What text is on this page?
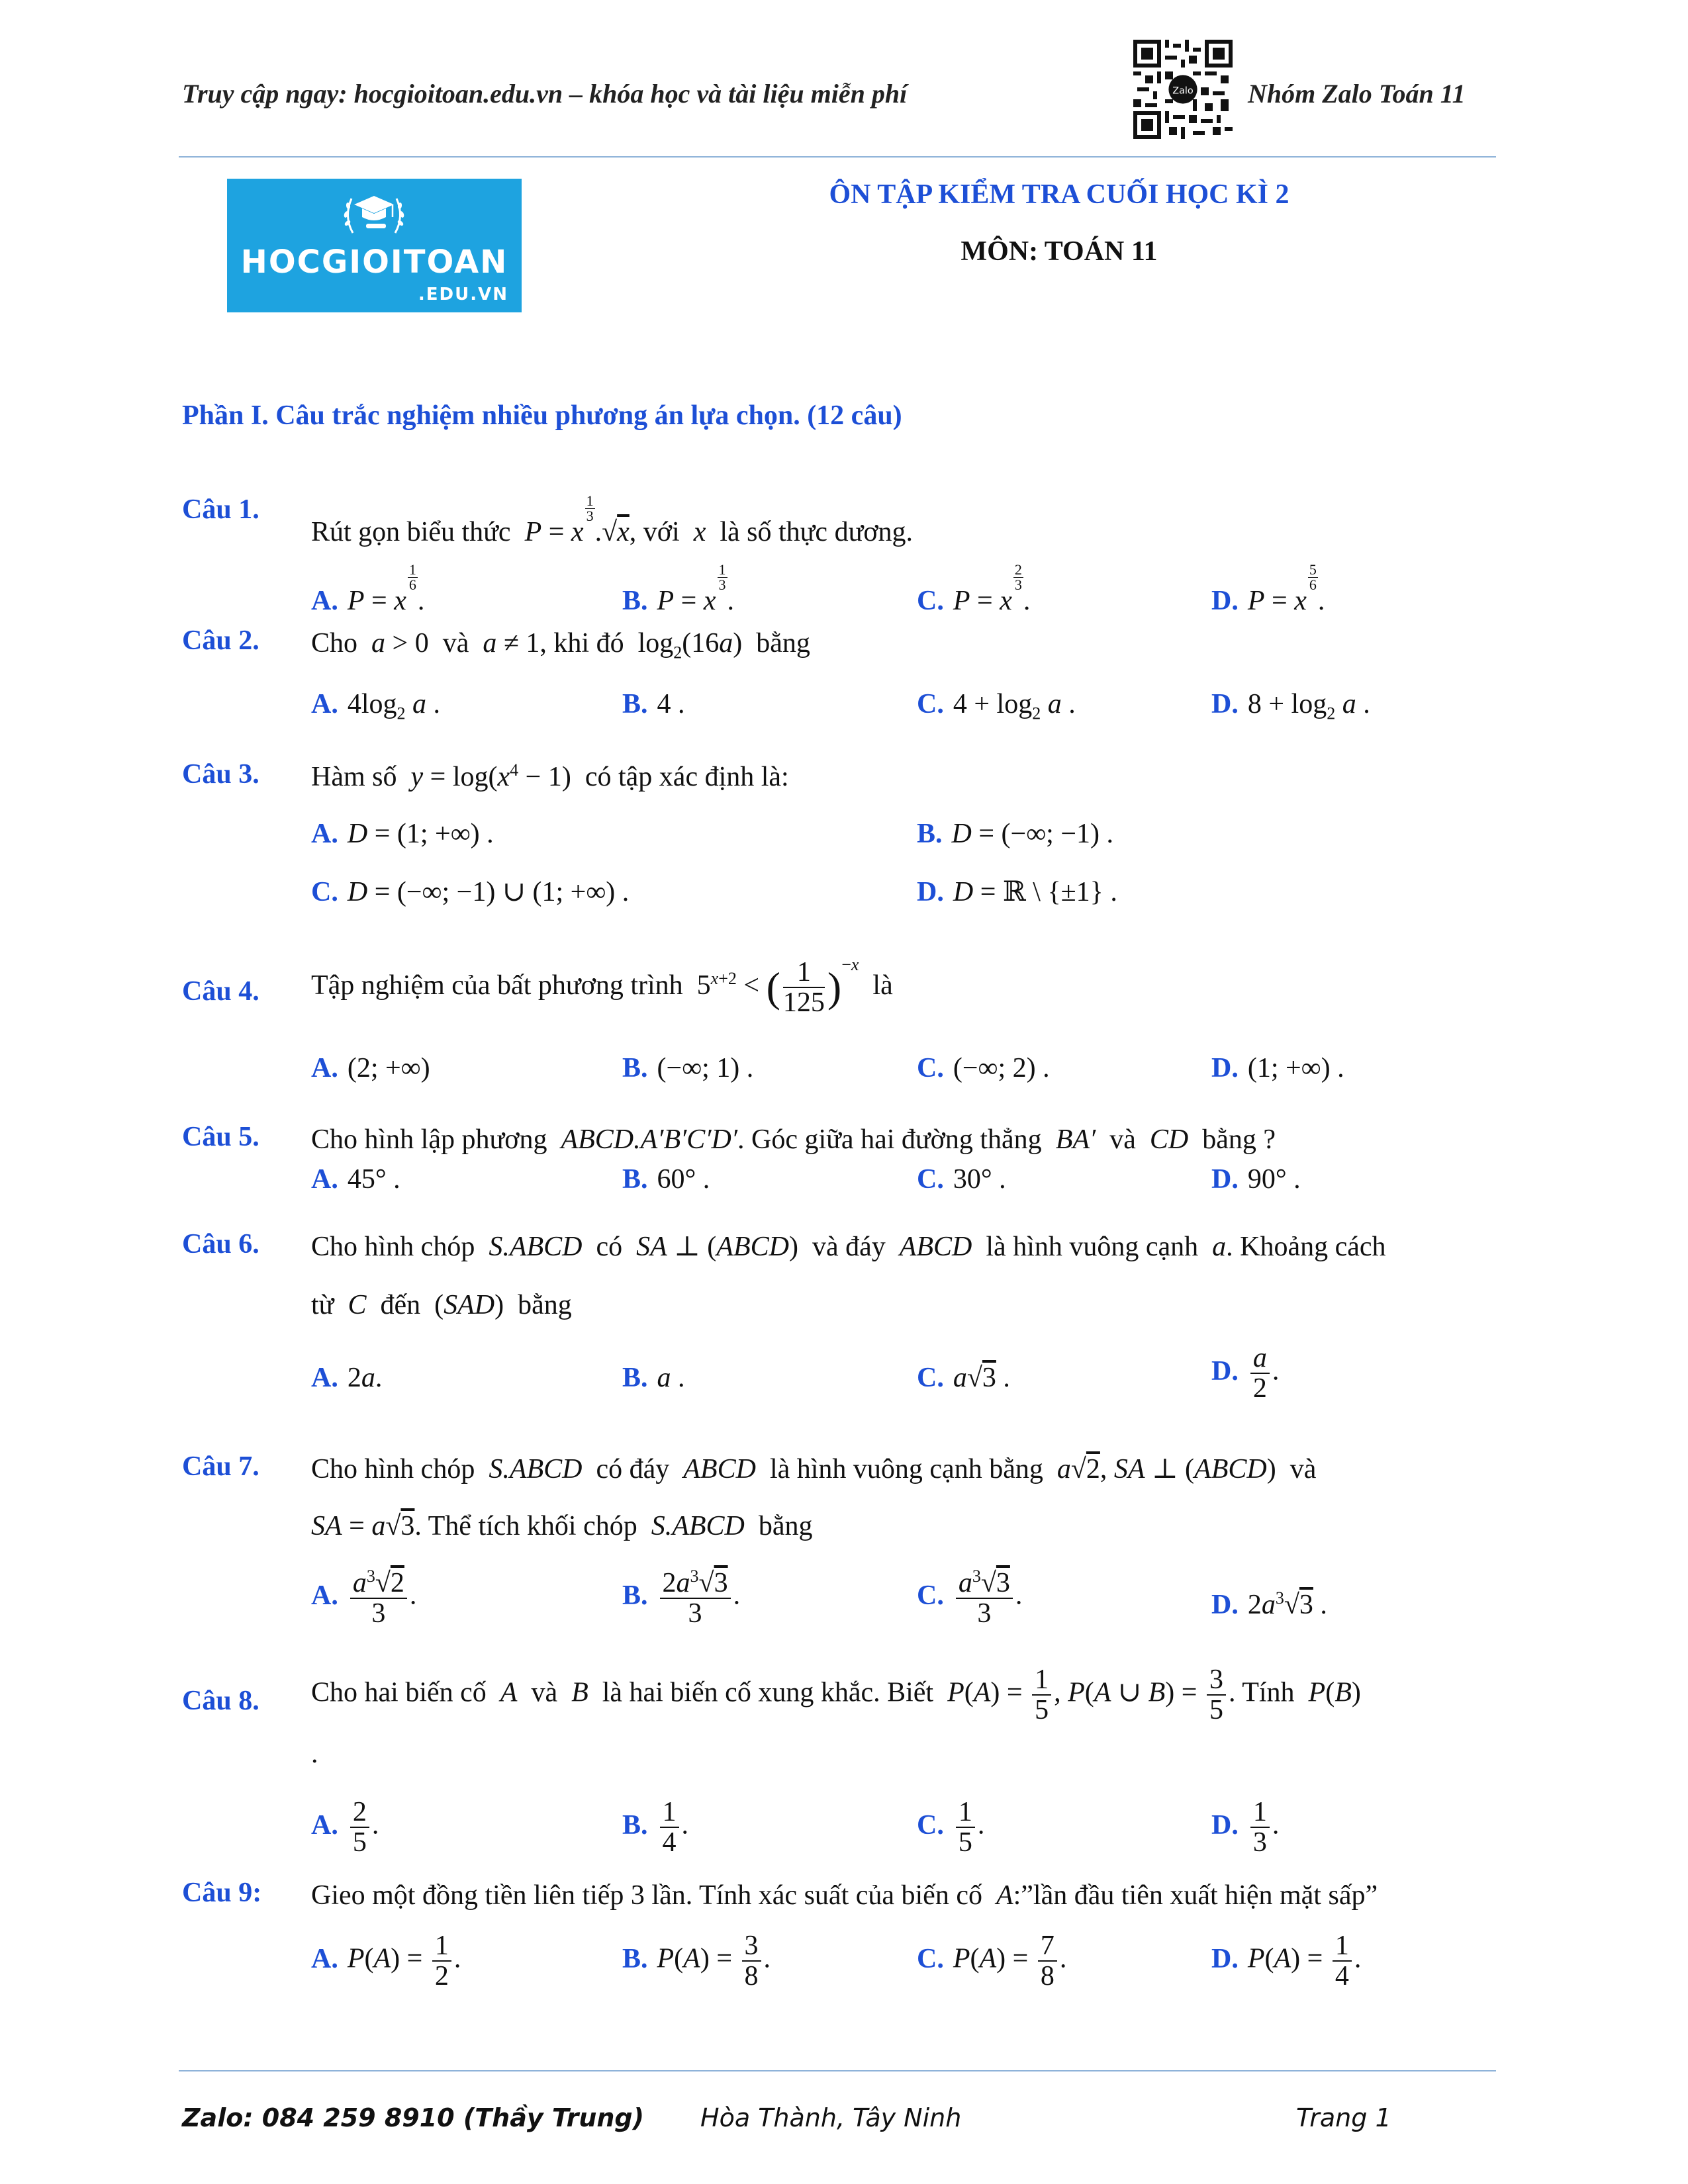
Truy cập ngay: hocgioitoan.edu.vn – khóa học và tài liệu miễn phí	Zalo Nhóm Zalo Toán 11
HOCGIOITOAN
.EDU.VN
ÔN TẬP KIỂM TRA CUỐI HỌC KÌ 2
MÔN: TOÁN 11
Phần I. Câu trắc nghiệm nhiều phương án lựa chọn. (12 câu)
Câu 1.
Rút gọn biểu thức P = x
$\frac{1}{3}$
.√x, với x là số thực dương.
A. P = x
$\frac{1}{6}$
.	B. P = x
$\frac{1}{3}$
.	C. P = x
$\frac{2}{3}$
.	D. P = x
$\frac{5}{6}$
.
Câu 2. Cho a > 0  và a ≠ 1, khi đó  $\log_2(16a)$  bằng
A. $4\log_2$ a .	B. 4 .	C. $4 + \log_2 a$ .	D. $8 + \log_2 a$ .
Câu 3. Hàm số $y = \log(x^4 - 1)$  có tập xác định là:
A. D = (1; +∞) .	B. D = (−∞; −1) .
C. D = (−∞; −1) ∪ (1; +∞) .	D. D = ℝ \ {±1} .
Câu 4. Tập nghiệm của bất phương trình  $5^{x+2}$ < ( $\frac{1}{125} )^{-x}$  là
A. (2; +∞)	B. (−∞; 1) .	C. (−∞; 2) .	D. (1; +∞) .
Câu 5. Cho hình lập phương ABCD.A′B′C′D′. Góc giữa hai đường thẳng BA′ và CD bằng ?
A. 45° .	B. 60° .	C. 30° .	D. 90° .
Câu 6. Cho hình chóp S.ABCD có SA ⊥ (ABCD)  và đáy ABCD là hình vuông cạnh a. Khoảng cách
từ C đến  (SAD)  bằng
A. 2a.	B. a .	C. a√3 .	D. $\frac{a}{2}$ .
Câu 7. Cho hình chóp S.ABCD có đáy ABCD là hình vuông cạnh bằng a√2, SA ⊥ (ABCD)  và
SA = a√3. Thể tích khối chóp S.ABCD bằng
A. $\frac{a^3√2}{3}$ .	B. $\frac{2a^3√3}{3}$ .	C. $\frac{a^3√3}{3}$ .	D. $2a^3√3$ .
Câu 8. Cho hai biến cố A và B là hai biến cố xung khắc. Biết $P(A) = \frac{1}{5}$ , P(A ∪ $B) = \frac{3}{5}$ . Tính P(B)
.
A. $\frac{2}{5}$ .	B. $\frac{1}{4}$ .	C. $\frac{1}{5}$ .	D. $\frac{1}{3}$ .
Câu 9: Gieo một đồng tiền liên tiếp 3 lần. Tính xác suất của biến cố A:”lần đầu tiên xuất hiện mặt sấp”
A. $P(A) = \frac{1}{2}$ .	B. $P(A) = \frac{3}{8}$ .	C. $P(A) = \frac{7}{8}$ .	D. $P(A) = \frac{1}{4}$ .
Zalo: 084 259 8910 (Thầy Trung) Hòa Thành, Tây Ninh	Trang 1
